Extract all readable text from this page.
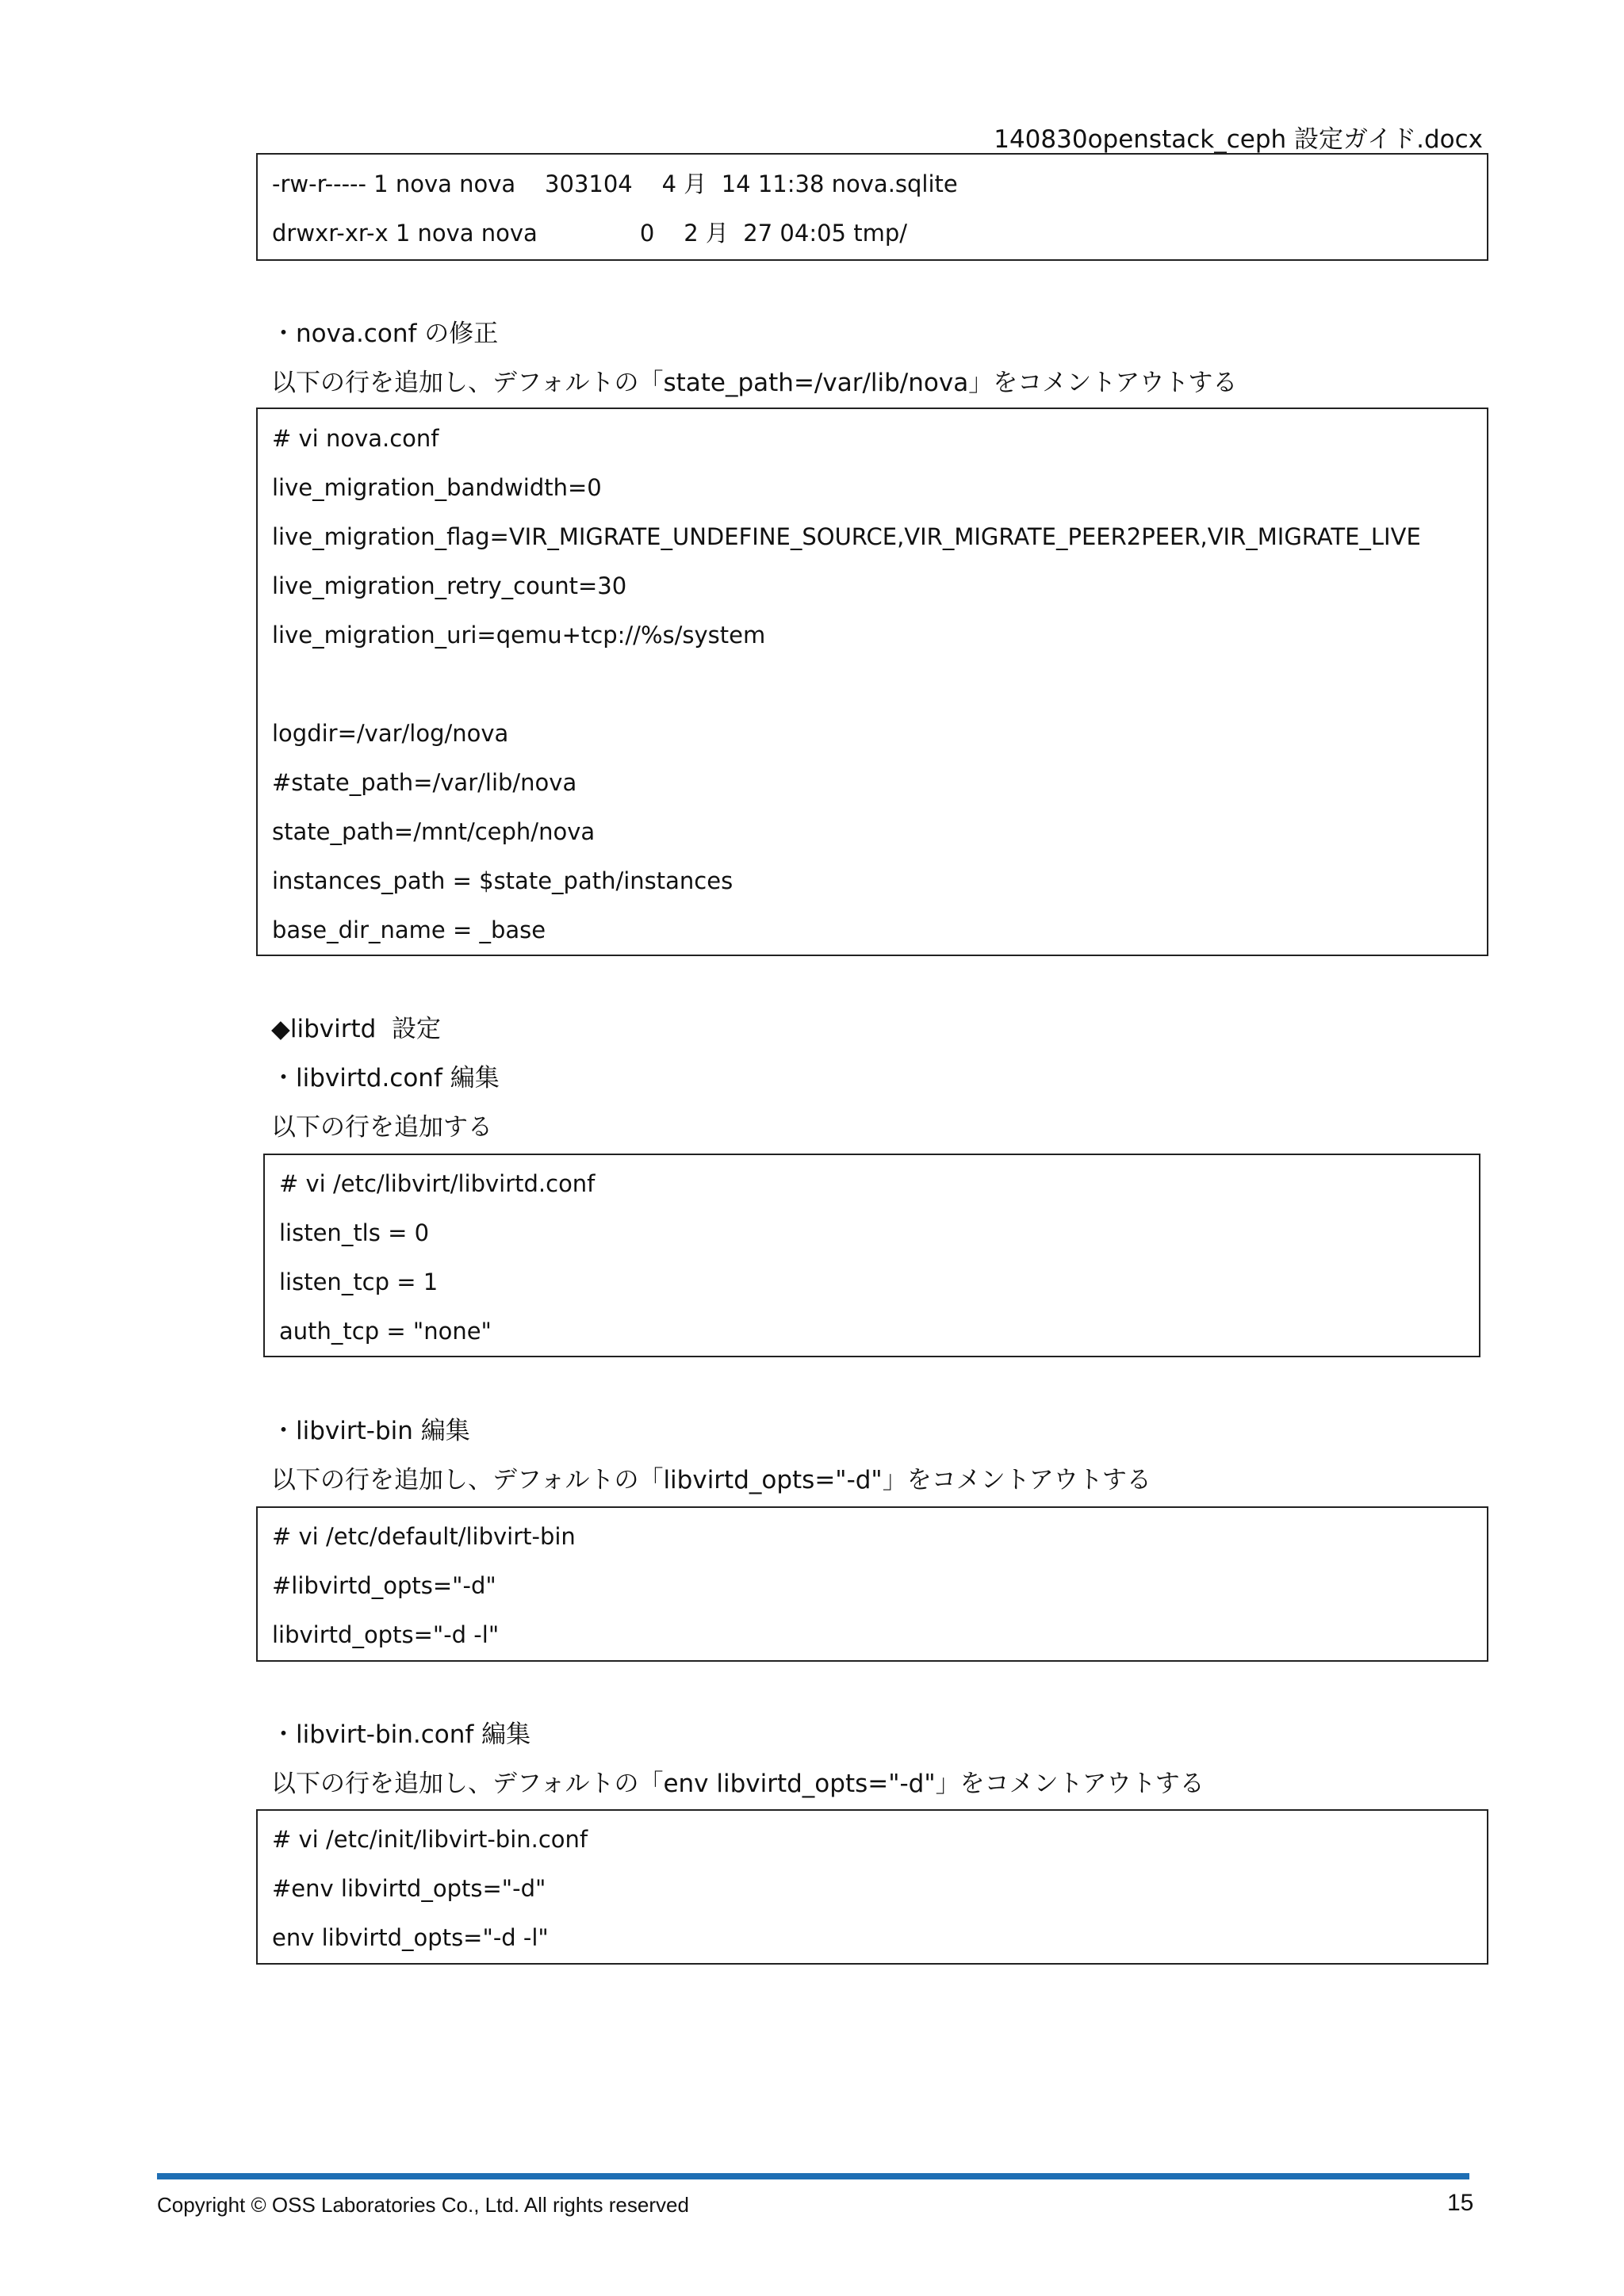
140830openstack_ceph 設定ガイド.docx
-rw-r----- 1 nova nova    303104    4 月  14 11:38 nova.sqlite
drwxr-xr-x 1 nova nova              0    2 月  27 04:05 tmp/
・nova.conf の修正
以下の行を追加し、デフォルトの「state_path=/var/lib/nova」をコメントアウトする
# vi nova.conf
live_migration_bandwidth=0
live_migration_flag=VIR_MIGRATE_UNDEFINE_SOURCE,VIR_MIGRATE_PEER2PEER,VIR_MIGRATE_LIVE
live_migration_retry_count=30
live_migration_uri=qemu+tcp://%s/system
logdir=/var/log/nova
#state_path=/var/lib/nova
state_path=/mnt/ceph/nova
instances_path = $state_path/instances
base_dir_name = _base
◆libvirtd  設定
・libvirtd.conf 編集
以下の行を追加する
# vi /etc/libvirt/libvirtd.conf
listen_tls = 0
listen_tcp = 1
auth_tcp = "none"
・libvirt-bin 編集
以下の行を追加し、デフォルトの「libvirtd_opts="-d"」をコメントアウトする
# vi /etc/default/libvirt-bin
#libvirtd_opts="-d"
libvirtd_opts="-d -l"
・libvirt-bin.conf 編集
以下の行を追加し、デフォルトの「env libvirtd_opts="-d"」をコメントアウトする
# vi /etc/init/libvirt-bin.conf
#env libvirtd_opts="-d"
env libvirtd_opts="-d -l"
Copyright © OSS Laboratories Co., Ltd. All rights reserved	15
